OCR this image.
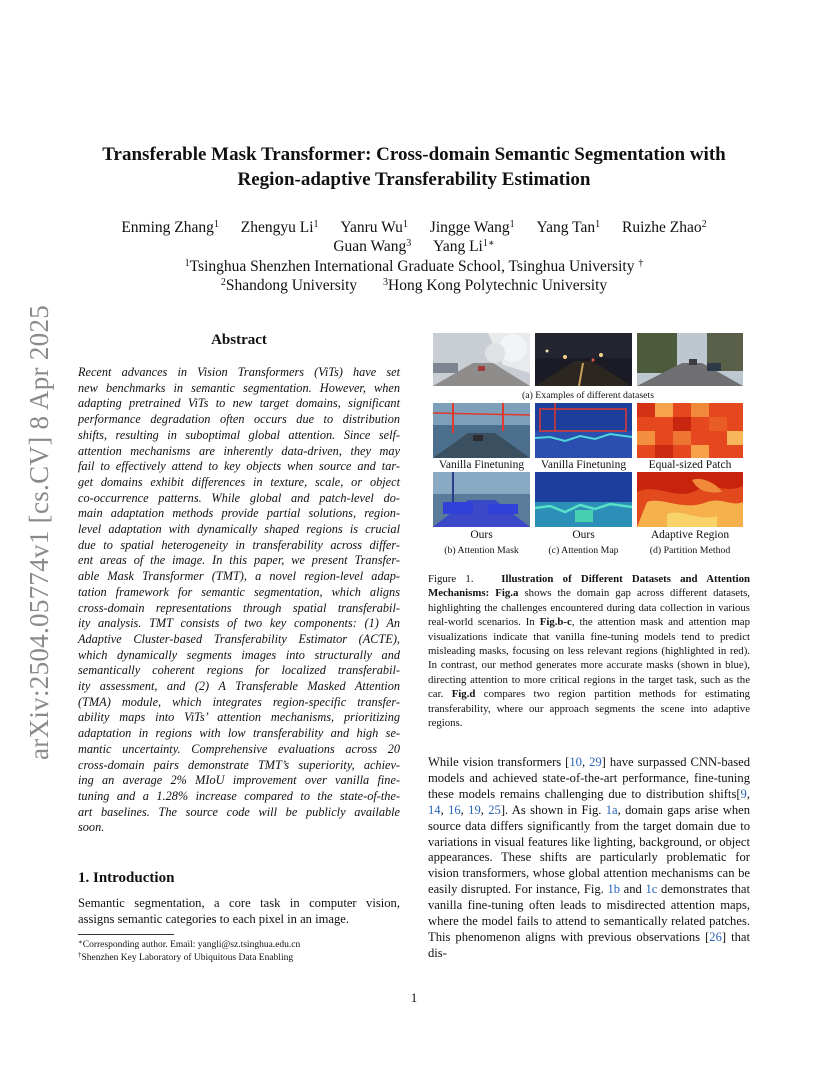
arXiv:2504.05774v1 [cs.CV] 8 Apr 2025
Transferable Mask Transformer: Cross-domain Semantic Segmentation with
Region-adaptive Transferability Estimation
Enming Zhang$^1$ Zhengyu Li$^1$ Yanru Wu$^1$ Jingge Wang$^1$ Yang Tan$^1$ Ruizhe Zhao$^2$
Guan Wang$^3$ Yang $Li^{1∗}$
$^1$Tsinghua Shenzhen International Graduate School, Tsinghua University †
$^2$Shandong University	$^3$Hong Kong Polytechnic University
Abstract
Recent advances in Vision Transformers (ViTs) have set
new benchmarks in semantic segmentation. However, when
adapting pretrained ViTs to new target domains, significant
performance degradation often occurs due to distribution
shifts, resulting in suboptimal global attention. Since self-
attention mechanisms are inherently data-driven, they may
fail to effectively attend to key objects when source and tar-
get domains exhibit differences in texture, scale, or object
co-occurrence patterns. While global and patch-level do-
main adaptation methods provide partial solutions, region-
level adaptation with dynamically shaped regions is crucial
due to spatial heterogeneity in transferability across differ-
ent areas of the image. In this paper, we present Transfer-
able Mask Transformer (TMT), a novel region-level adap-
tation framework for semantic segmentation, which aligns
cross-domain representations through spatial transferabil-
ity analysis. TMT consists of two key components: (1) An
Adaptive Cluster-based Transferability Estimator (ACTE),
which dynamically segments images into structurally and
semantically coherent regions for localized transferabil-
ity assessment, and (2) A Transferable Masked Attention
(TMA) module, which integrates region-specific transfer-
ability maps into ViTs’ attention mechanisms, prioritizing
adaptation in regions with low transferability and high se-
mantic uncertainty. Comprehensive evaluations across 20
cross-domain pairs demonstrate TMT’s superiority, achiev-
ing an average 2% MIoU improvement over vanilla fine-
tuning and a 1.28% increase compared to the state-of-the-
art baselines. The source code will be publicly available
soon.
1. Introduction
Semantic segmentation, a core task in computer vision,
assigns semantic categories to each pixel in an image.
∗Corresponding author. Email: yangli@sz.tsinghua.edu.cn
†Shenzhen Key Laboratory of Ubiquitous Data Enabling
(a) Examples of different datasets
Vanilla Finetuning	Vanilla Finetuning	Equal-sized Patch
Ours	Ours	Adaptive Region
(b) Attention Mask	(c) Attention Map	(d) Partition Method
Figure 1.	Illustration of Different Datasets and Attention Mechanisms: Fig.a shows the domain gap across different datasets, highlighting the challenges encountered during data collection in various real-world scenarios. In Fig.b-c, the attention mask and attention map visualizations indicate that vanilla fine-tuning models tend to predict misleading masks, focusing on less relevant regions (highlighted in red). In contrast, our method generates more accurate masks (shown in blue), directing attention to more critical regions in the target task, such as the car. Fig.d compares two region partition methods for estimating transferability, where our approach segments the scene into adaptive regions.
While vision transformers [10, 29] have surpassed CNN-based models and achieved state-of-the-art performance, fine-tuning these models remains challenging due to distribution shifts[9, 14, 16, 19, 25]. As shown in Fig. 1a, domain gaps arise when source data differs significantly from the target domain due to variations in visual features like lighting, background, or object appearances. These shifts are particularly problematic for vision transformers, whose global attention mechanisms can be easily disrupted. For instance, Fig. 1b and 1c demonstrates that vanilla fine-tuning often leads to misdirected attention maps, where the model fails to attend to semantically related patches. This phenomenon aligns with previous observations [26] that dis-
1
